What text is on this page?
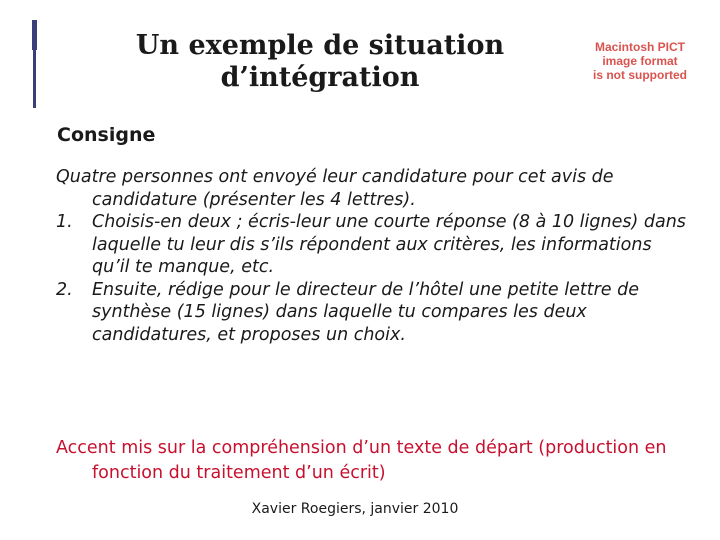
Un exemple de situation
d’intégration
Macintosh PICT
image format
is not supported
Consigne

Quatre personnes ont envoyé leur candidature pour cet avis de candidature (présenter les 4 lettres).

1. Choisis-en deux ; écris-leur une courte réponse (8 à 10 lignes) dans laquelle tu leur dis s’ils répondent aux critères, les informations qu’il te manque, etc.

2. Ensuite, rédige pour le directeur de l’hôtel une petite lettre de synthèse (15 lignes) dans laquelle tu compares les deux candidatures, et proposes un choix.

Accent mis sur la compréhension d’un texte de départ (production en fonction du traitement d’un écrit)

Xavier Roegiers, janvier 2010
